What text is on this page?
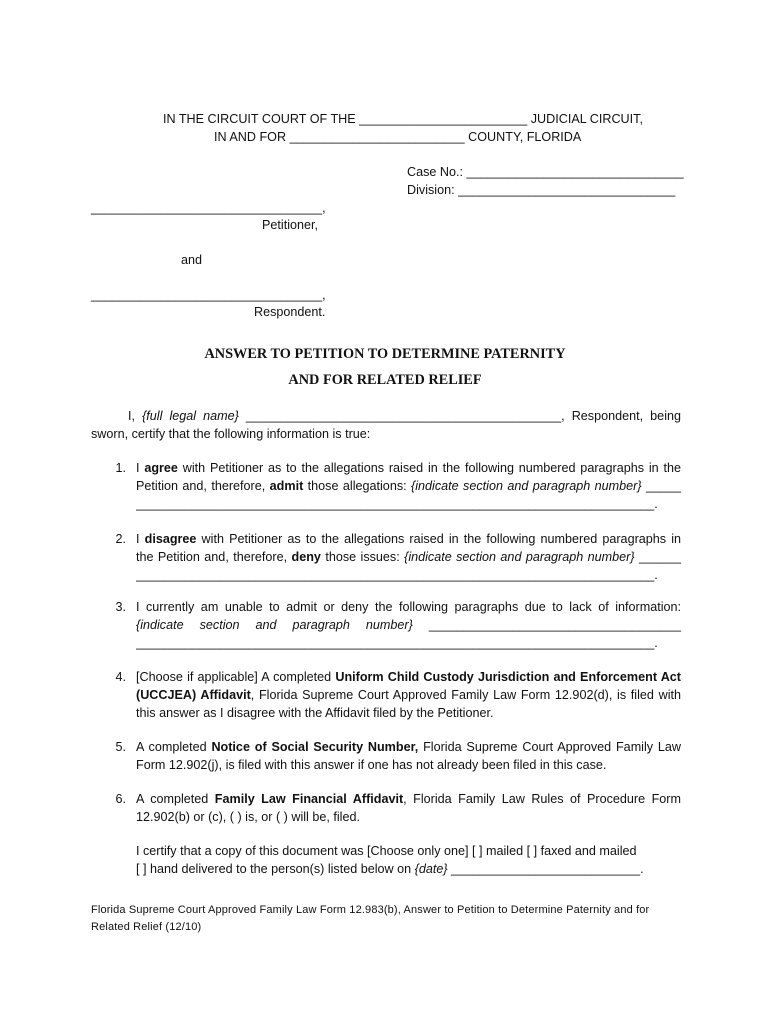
IN THE CIRCUIT COURT OF THE ________________________ JUDICIAL CIRCUIT,
IN AND FOR _________________________ COUNTY, FLORIDA
Case No.: _______________________________
Division: _______________________________
_________________________________,
Petitioner,
and
_________________________________,
Respondent.
ANSWER TO PETITION TO DETERMINE PATERNITY
AND FOR RELATED RELIEF
I, {full legal name} _____________________________________________, Respondent, being
sworn, certify that the following information is true:
1. I agree with Petitioner as to the allegations raised in the following numbered paragraphs in the
Petition and, therefore, admit those allegations: {indicate section and paragraph number} _____
__________________________________________________________________________.
2. I disagree with Petitioner as to the allegations raised in the following numbered paragraphs in
the Petition and, therefore, deny those issues: {indicate section and paragraph number} ______
__________________________________________________________________________.
3. I currently am unable to admit or deny the following paragraphs due to lack of information:
{indicate section and paragraph number} ____________________________________
__________________________________________________________________________.
4. [Choose if applicable] A completed Uniform Child Custody Jurisdiction and Enforcement Act
(UCCJEA) Affidavit, Florida Supreme Court Approved Family Law Form 12.902(d), is filed with
this answer as I disagree with the Affidavit filed by the Petitioner.
5. A completed Notice of Social Security Number, Florida Supreme Court Approved Family Law
Form 12.902(j), is filed with this answer if one has not already been filed in this case.
6. A completed Family Law Financial Affidavit, Florida Family Law Rules of Procedure Form
12.902(b) or (c), ( ) is, or ( ) will be, filed.
I certify that a copy of this document was [Choose only one] [ ] mailed [ ] faxed and mailed
[ ] hand delivered to the person(s) listed below on {date} ___________________________.
Florida Supreme Court Approved Family Law Form 12.983(b), Answer to Petition to Determine Paternity and for
Related Relief (12/10)
